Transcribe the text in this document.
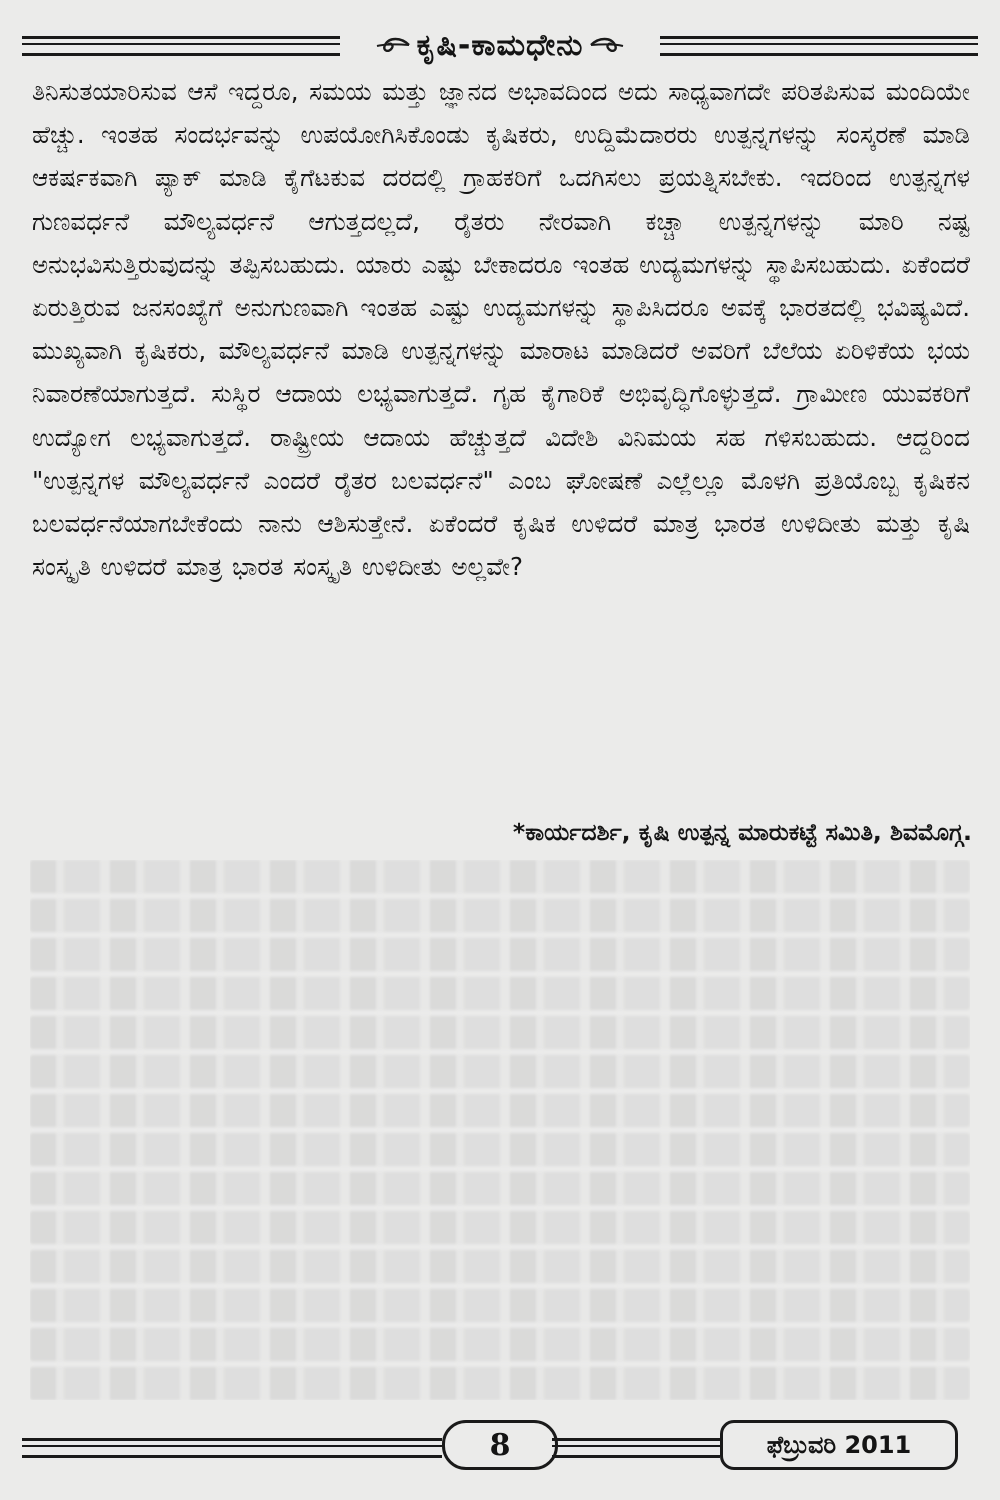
ಕೃಷಿ-ಕಾಮಧೇನು

ತಿನಿಸುತಯಾರಿಸುವ ಆಸೆ ಇದ್ದರೂ, ಸಮಯ ಮತ್ತು ಜ್ಞಾನದ ಅಭಾವದಿಂದ ಅದು ಸಾಧ್ಯವಾಗದೇ ಪರಿತಪಿಸುವ ಮಂದಿಯೇ ಹೆಚ್ಚು. ಇಂತಹ ಸಂದರ್ಭವನ್ನು ಉಪಯೋಗಿಸಿಕೊಂಡು ಕೃಷಿಕರು, ಉದ್ದಿಮೆದಾರರು ಉತ್ಪನ್ನಗಳನ್ನು ಸಂಸ್ಕರಣೆ ಮಾಡಿ ಆಕರ್ಷಕವಾಗಿ ಪ್ಯಾಕ್ ಮಾಡಿ ಕೈಗೆಟಕುವ ದರದಲ್ಲಿ ಗ್ರಾಹಕರಿಗೆ ಒದಗಿಸಲು ಪ್ರಯತ್ನಿಸಬೇಕು. ಇದರಿಂದ ಉತ್ಪನ್ನಗಳ ಗುಣವರ್ಧನೆ ಮೌಲ್ಯವರ್ಧನೆ ಆಗುತ್ತದಲ್ಲದೆ, ರೈತರು ನೇರವಾಗಿ ಕಚ್ಚಾ ಉತ್ಪನ್ನಗಳನ್ನು ಮಾರಿ ನಷ್ಟ ಅನುಭವಿಸುತ್ತಿರುವುದನ್ನು ತಪ್ಪಿಸಬಹುದು. ಯಾರು ಎಷ್ಟು ಬೇಕಾದರೂ ಇಂತಹ ಉದ್ಯಮಗಳನ್ನು ಸ್ಥಾಪಿಸಬಹುದು. ಏಕೆಂದರೆ ಏರುತ್ತಿರುವ ಜನಸಂಖ್ಯೆಗೆ ಅನುಗುಣವಾಗಿ ಇಂತಹ ಎಷ್ಟು ಉದ್ಯಮಗಳನ್ನು ಸ್ಥಾಪಿಸಿದರೂ ಅವಕ್ಕೆ ಭಾರತದಲ್ಲಿ ಭವಿಷ್ಯವಿದೆ. ಮುಖ್ಯವಾಗಿ ಕೃಷಿಕರು, ಮೌಲ್ಯವರ್ಧನೆ ಮಾಡಿ ಉತ್ಪನ್ನಗಳನ್ನು ಮಾರಾಟ ಮಾಡಿದರೆ ಅವರಿಗೆ ಬೆಲೆಯ ಏರಿಳಿಕೆಯ ಭಯ ನಿವಾರಣೆಯಾಗುತ್ತದೆ. ಸುಸ್ಥಿರ ಆದಾಯ ಲಭ್ಯವಾಗುತ್ತದೆ. ಗೃಹ ಕೈಗಾರಿಕೆ ಅಭಿವೃದ್ಧಿಗೊಳ್ಳುತ್ತದೆ. ಗ್ರಾಮೀಣ ಯುವಕರಿಗೆ ಉದ್ಯೋಗ ಲಭ್ಯವಾಗುತ್ತದೆ. ರಾಷ್ಟ್ರೀಯ ಆದಾಯ ಹೆಚ್ಚುತ್ತದೆ ವಿದೇಶಿ ವಿನಿಮಯ ಸಹ ಗಳಿಸಬಹುದು. ಆದ್ದರಿಂದ "ಉತ್ಪನ್ನಗಳ ಮೌಲ್ಯವರ್ಧನೆ ಎಂದರೆ ರೈತರ ಬಲವರ್ಧನೆ" ಎಂಬ ಘೋಷಣೆ ಎಲ್ಲೆಲ್ಲೂ ಮೊಳಗಿ ಪ್ರತಿಯೊಬ್ಬ ಕೃಷಿಕನ ಬಲವರ್ಧನೆಯಾಗಬೇಕೆಂದು ನಾನು ಆಶಿಸುತ್ತೇನೆ. ಏಕೆಂದರೆ ಕೃಷಿಕ ಉಳಿದರೆ ಮಾತ್ರ ಭಾರತ ಉಳಿದೀತು ಮತ್ತು ಕೃಷಿ ಸಂಸ್ಕೃತಿ ಉಳಿದರೆ ಮಾತ್ರ ಭಾರತ ಸಂಸ್ಕೃತಿ ಉಳಿದೀತು ಅಲ್ಲವೇ?

*ಕಾರ್ಯದರ್ಶಿ, ಕೃಷಿ ಉತ್ಪನ್ನ ಮಾರುಕಟ್ಟೆ ಸಮಿತಿ, ಶಿವಮೊಗ್ಗ.
8	ಫೆಬ್ರುವರಿ 2011
